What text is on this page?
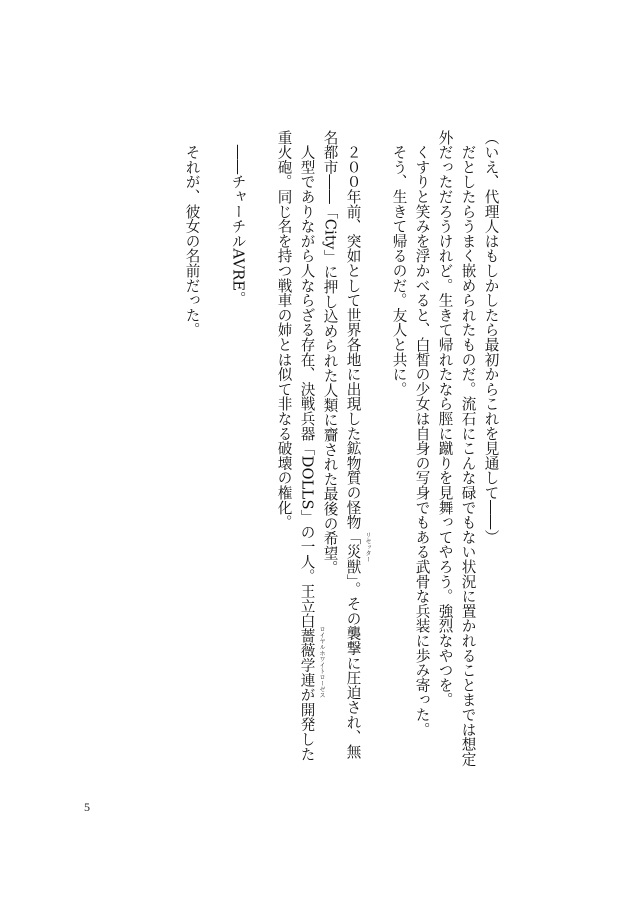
（いえ、代理人はもしかしたら最初からこれを見通して――）
　だとしたらうまく嵌められたものだ。流石にこんな碌でもない状況に置かれることまでは想定
外だっただろうけれど。生きて帰れたなら脛に蹴りを見舞ってやろう。強烈なやつを。
　くすりと笑みを浮かべると、白皙の少女は自身の写身でもある武骨な兵装に歩み寄った。
　そう、生きて帰るのだ。友人と共に。
　２００年前、突如として世界各地に出現した鉱物質の怪物「災獣」。その襲撃に圧迫され、無 リセッター
名都市――「City」に押し込められた人類に齎された最後の希望。
　人型でありながら人ならざる存在、決戦兵器「DOLLS」の一人。王立白薔薇学連が開発した ロイヤルホワイトローゼス
重火砲。同じ名を持つ戦車の姉とは似て非なる破壊の権化。
　――チャーチルAVRE。
　それが、彼女の名前だった。
5
